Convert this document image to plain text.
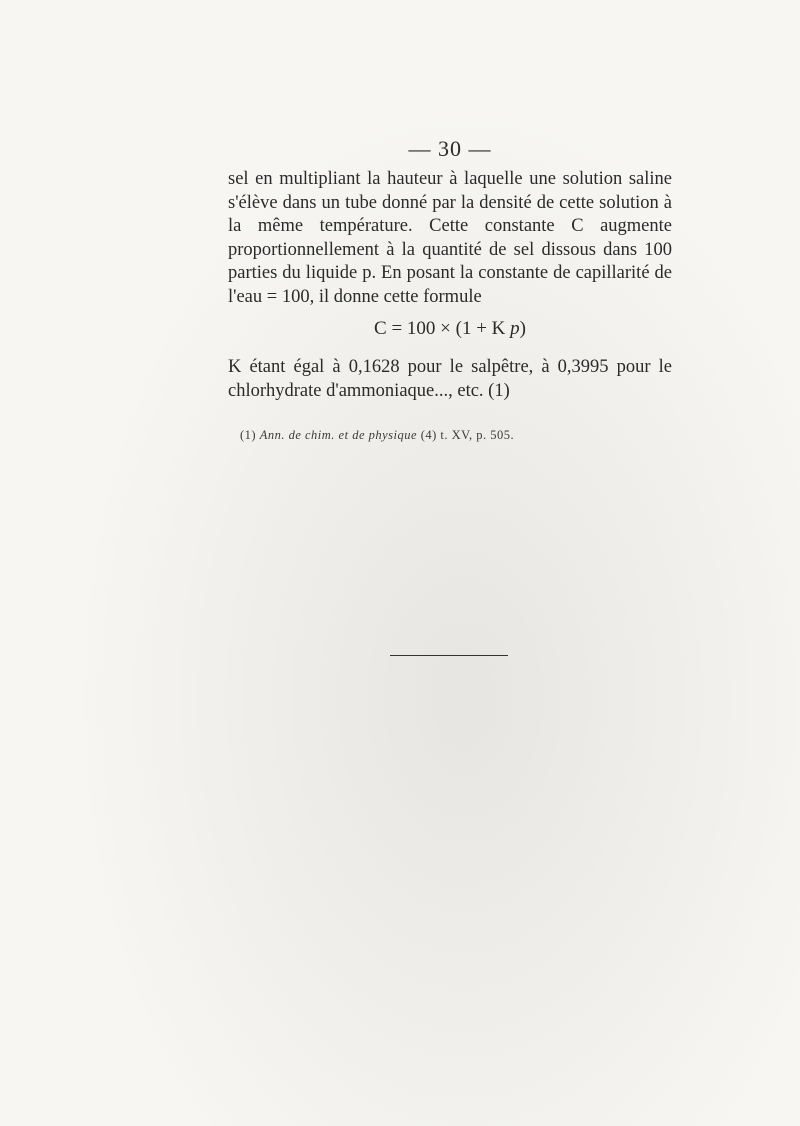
— 30 —

sel en multipliant la hauteur à laquelle une solution saline s'élève dans un tube donné par la densité de cette solution à la même température. Cette constante C augmente proportionnellement à la quantité de sel dissous dans 100 parties du liquide p. En posant la constante de capillarité de l'eau = 100, il donne cette formule

C = 100 × (1 + K p)

K étant égal à 0,1628 pour le salpêtre, à 0,3995 pour le chlorhydrate d'ammoniaque..., etc. (1)

(1) Ann. de chim. et de physique (4) t. XV, p. 505.
